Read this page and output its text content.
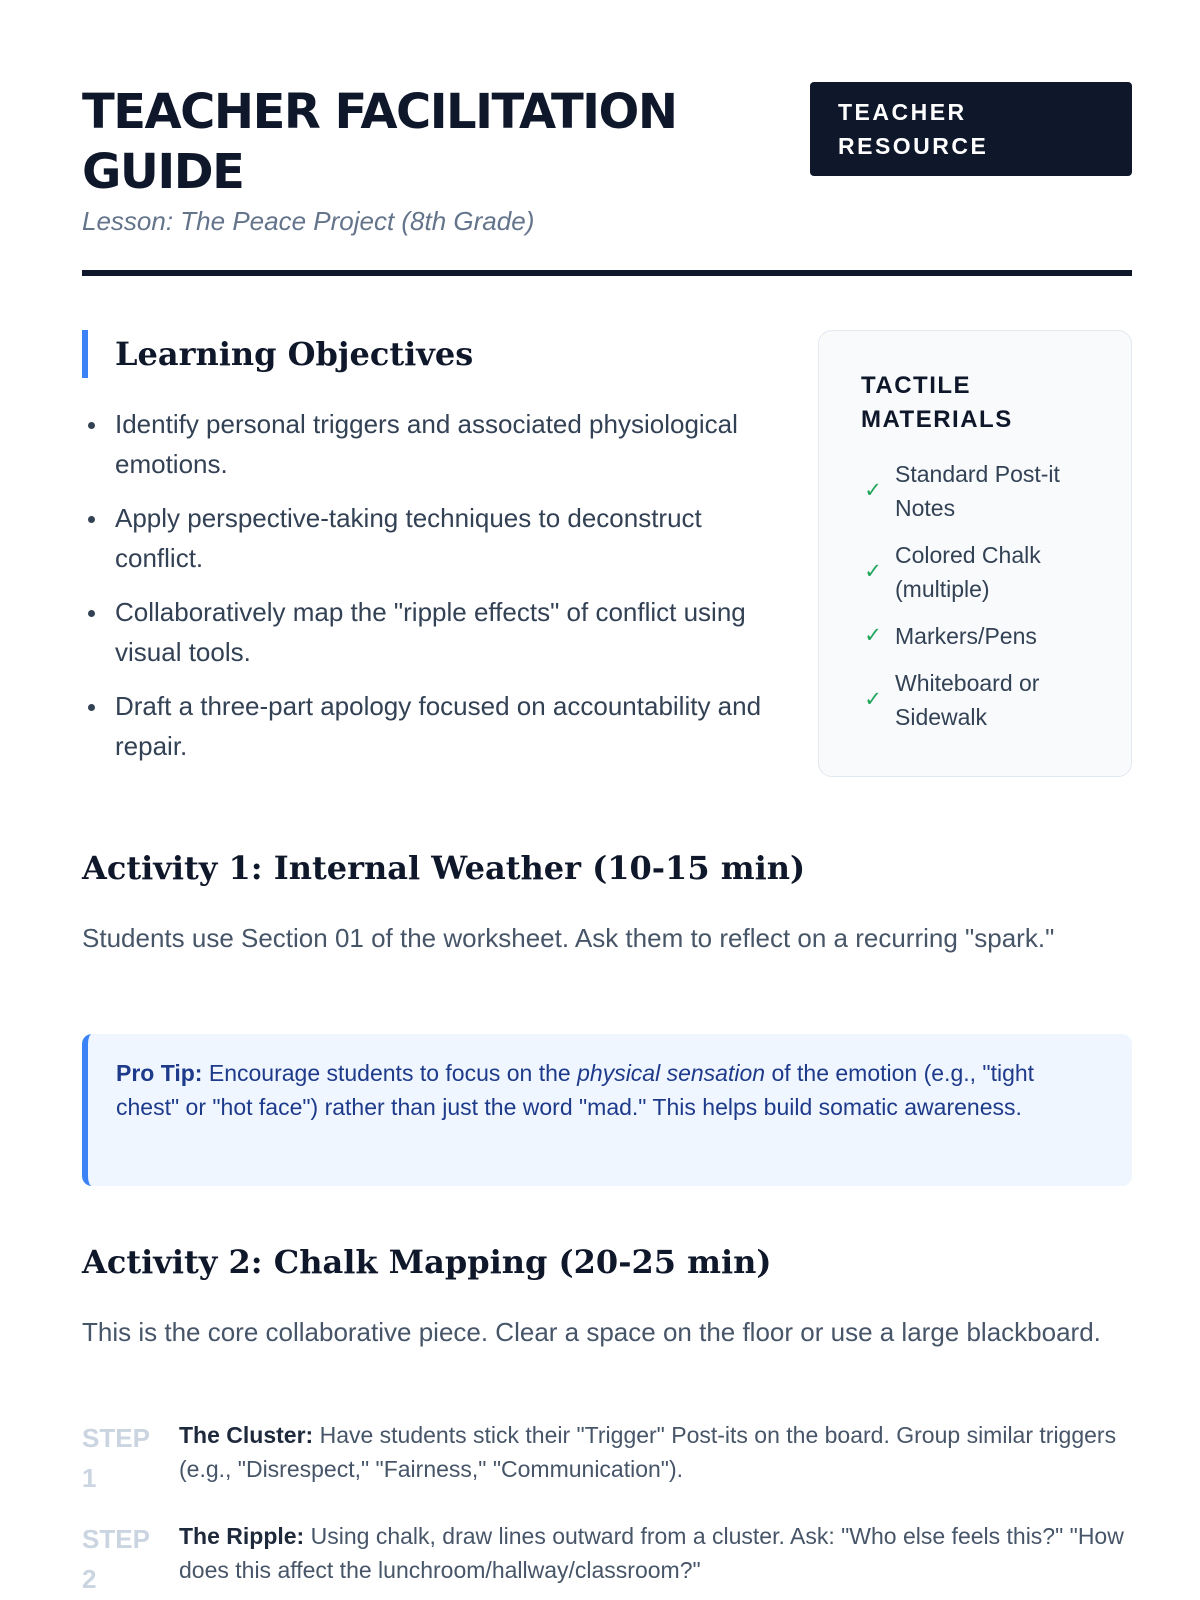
TEACHER FACILITATION GUIDE
Lesson: The Peace Project (8th Grade)
TEACHER RESOURCE
Learning Objectives
Identify personal triggers and associated physiological emotions.
Apply perspective-taking techniques to deconstruct conflict.
Collaboratively map the "ripple effects" of conflict using visual tools.
Draft a three-part apology focused on accountability and repair.
TACTILE MATERIALS
✓
Standard Post-it Notes
✓
Colored Chalk (multiple)
✓ Markers/Pens
✓
Whiteboard or Sidewalk
Activity 1: Internal Weather (10-15 min)

Students use Section 01 of the worksheet. Ask them to reflect on a recurring "spark."

Pro Tip: Encourage students to focus on the physical sensation of the emotion (e.g., "tight chest" or "hot face") rather than just the word "mad." This helps build somatic awareness.
Activity 2: Chalk Mapping (20-25 min)

This is the core collaborative piece. Clear a space on the floor or use a large blackboard.

STEP 1
The Cluster: Have students stick their "Trigger" Post-its on the board. Group similar triggers (e.g., "Disrespect," "Fairness," "Communication").
STEP 2
The Ripple: Using chalk, draw lines outward from a cluster. Ask: "Who else feels this?" "How does this affect the lunchroom/hallway/classroom?"
